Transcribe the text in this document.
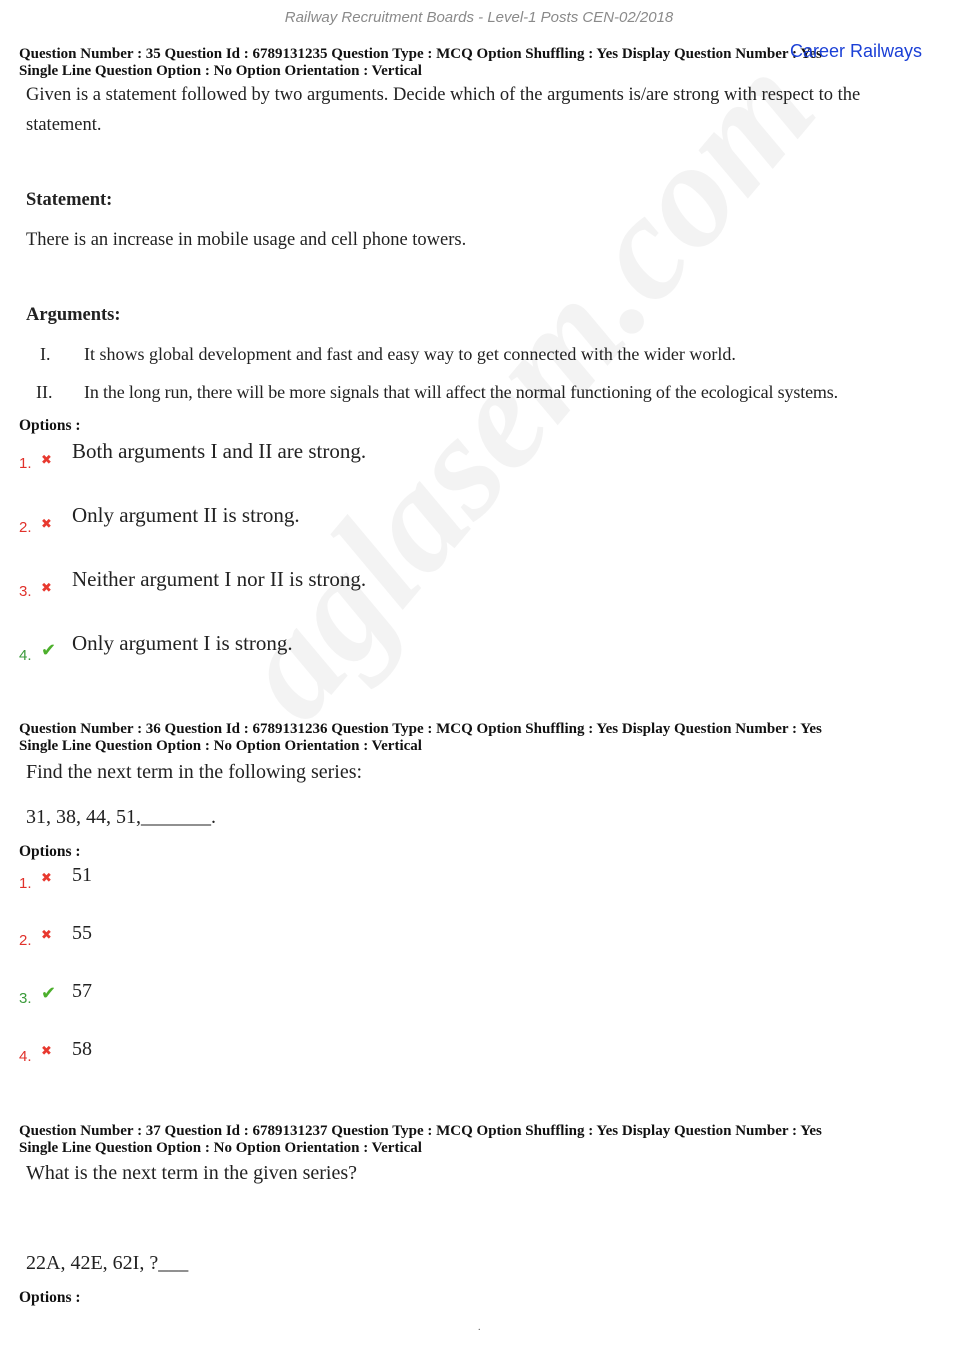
Railway Recruitment Boards - Level-1 Posts CEN-02/2018
Question Number : 35 Question Id : 6789131235 Question Type : MCQ Option Shuffling : Yes Display Question Number : Yes
Single Line Question Option : No Option Orientation : Vertical
Career Railways
Given is a statement followed by two arguments. Decide which of the arguments is/are strong with respect to the statement.
Statement:
There is an increase in mobile usage and cell phone towers.
Arguments:
I. It shows global development and fast and easy way to get connected with the wider world.
II. In the long run, there will be more signals that will affect the normal functioning of the ecological systems.
Options :
1. ✖ Both arguments I and II are strong.
2. ✖ Only argument II is strong.
3. ✖ Neither argument I nor II is strong.
4. ✔ Only argument I is strong.
Question Number : 36 Question Id : 6789131236 Question Type : MCQ Option Shuffling : Yes Display Question Number : Yes
Single Line Question Option : No Option Orientation : Vertical
Find the next term in the following series:
31, 38, 44, 51,_______.
Options :
1. ✖ 51
2. ✖ 55
3. ✔ 57
4. ✖ 58
Question Number : 37 Question Id : 6789131237 Question Type : MCQ Option Shuffling : Yes Display Question Number : Yes
Single Line Question Option : No Option Orientation : Vertical
What is the next term in the given series?
22A, 42E, 62I, ?___
Options :
.
